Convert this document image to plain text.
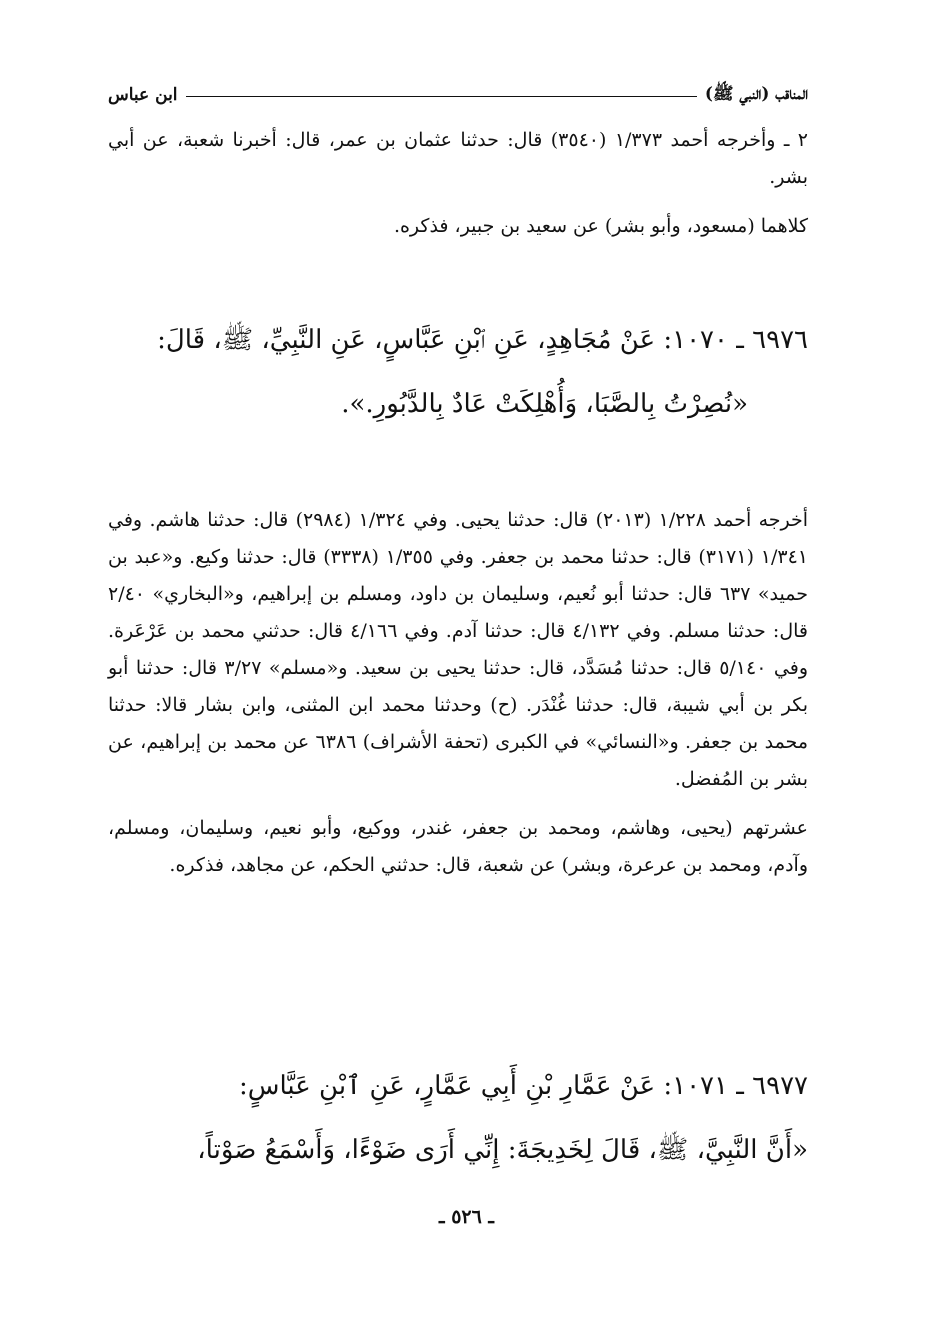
المناقب (النبي ﷺ)
ابن عباس

٢ ـ وأخرجه أحمد ١/٣٧٣ (٣٥٤٠) قال: حدثنا عثمان بن عمر، قال: أخبرنا شعبة، عن أبي بشر.

كلاهما (مسعود، وأبو بشر) عن سعيد بن جبير، فذكره.

٦٩٧٦ ـ ١٠٧٠: عَنْ مُجَاهِدٍ، عَنِ ٱبْنِ عَبَّاسٍ، عَنِ النَّبِيِّ، ﷺ، قَالَ:

«نُصِرْتُ بِالصَّبَا، وَأُهْلِكَتْ عَادٌ بِالدَّبُورِ.».

أخرجه أحمد ١/٢٢٨ (٢٠١٣) قال: حدثنا يحيى. وفي ١/٣٢٤ (٢٩٨٤) قال: حدثنا هاشم. وفي ١/٣٤١ (٣١٧١) قال: حدثنا محمد بن جعفر. وفي ١/٣٥٥ (٣٣٣٨) قال: حدثنا وكيع. و«عبد بن حميد» ٦٣٧ قال: حدثنا أبو نُعيم، وسليمان بن داود، ومسلم بن إبراهيم، و«البخاري» ٢/٤٠ قال: حدثنا مسلم. وفي ٤/١٣٢ قال: حدثنا آدم. وفي ٤/١٦٦ قال: حدثني محمد بن عَرْعَرة. وفي ٥/١٤٠ قال: حدثنا مُسَدَّد، قال: حدثنا يحيى بن سعيد. و«مسلم» ٣/٢٧ قال: حدثنا أبو بكر بن أبي شيبة، قال: حدثنا غُنْدَر. (ح) وحدثنا محمد ابن المثنى، وابن بشار قالا: حدثنا محمد بن جعفر. و«النسائي» في الكبرى (تحفة الأشراف) ٦٣٨٦ عن محمد بن إبراهيم، عن بشر بن المُفضل.

عشرتهم (يحيى، وهاشم، ومحمد بن جعفر، غندر، ووكيع، وأبو نعيم، وسليمان، ومسلم، وآدم، ومحمد بن عرعرة، وبشر) عن شعبة، قال: حدثني الحكم، عن مجاهد، فذكره.

٦٩٧٧ ـ ١٠٧١: عَنْ عَمَّارِ بْنِ أَبِي عَمَّارٍ، عَنِ ٱبْنِ عَبَّاسٍ:

«أَنَّ النَّبِيَّ، ﷺ، قَالَ لِخَدِيجَةَ: إِنِّي أَرَى ضَوْءًا، وَأَسْمَعُ صَوْتاً،

ـ ٥٢٦ ـ
